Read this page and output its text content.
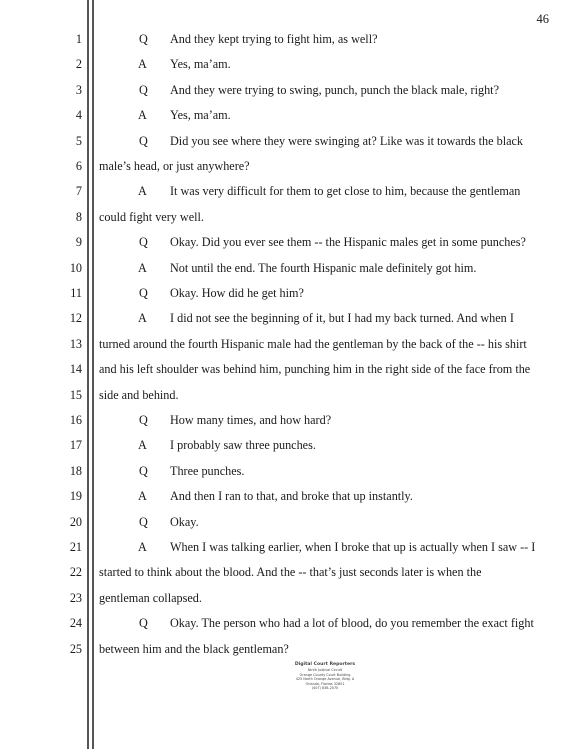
46
1	Q And they kept trying to fight him, as well?
2	A Yes, ma’am.
3	Q And they were trying to swing, punch, punch the black male, right?
4	A Yes, ma’am.
5	Q Did you see where they were swinging at? Like was it towards the black
6 male’s head, or just anywhere?
7	A It was very difficult for them to get close to him, because the gentleman
8 could fight very well.
9	Q Okay. Did you ever see them -- the Hispanic males get in some punches?
10	A Not until the end. The fourth Hispanic male definitely got him.
11	Q Okay. How did he get him?
12	A I did not see the beginning of it, but I had my back turned. And when I
13 turned around the fourth Hispanic male had the gentleman by the back of the -- his shirt
14 and his left shoulder was behind him, punching him in the right side of the face from the
15 side and behind.
16	Q How many times, and how hard?
17	A I probably saw three punches.
18	Q Three punches.
19	A And then I ran to that, and broke that up instantly.
20	Q Okay.
21	A When I was talking earlier, when I broke that up is actually when I saw -- I
22 started to think about the blood. And the -- that’s just seconds later is when the
23 gentleman collapsed.
24	Q Okay. The person who had a lot of blood, do you remember the exact fight
25 between him and the black gentleman?
Digital Court Reporters
Ninth Judicial Circuit
Orange County Court Building
425 North Orange Avenue, Bldg. A
Orlando, Florida 32801
(407) 836-2070
